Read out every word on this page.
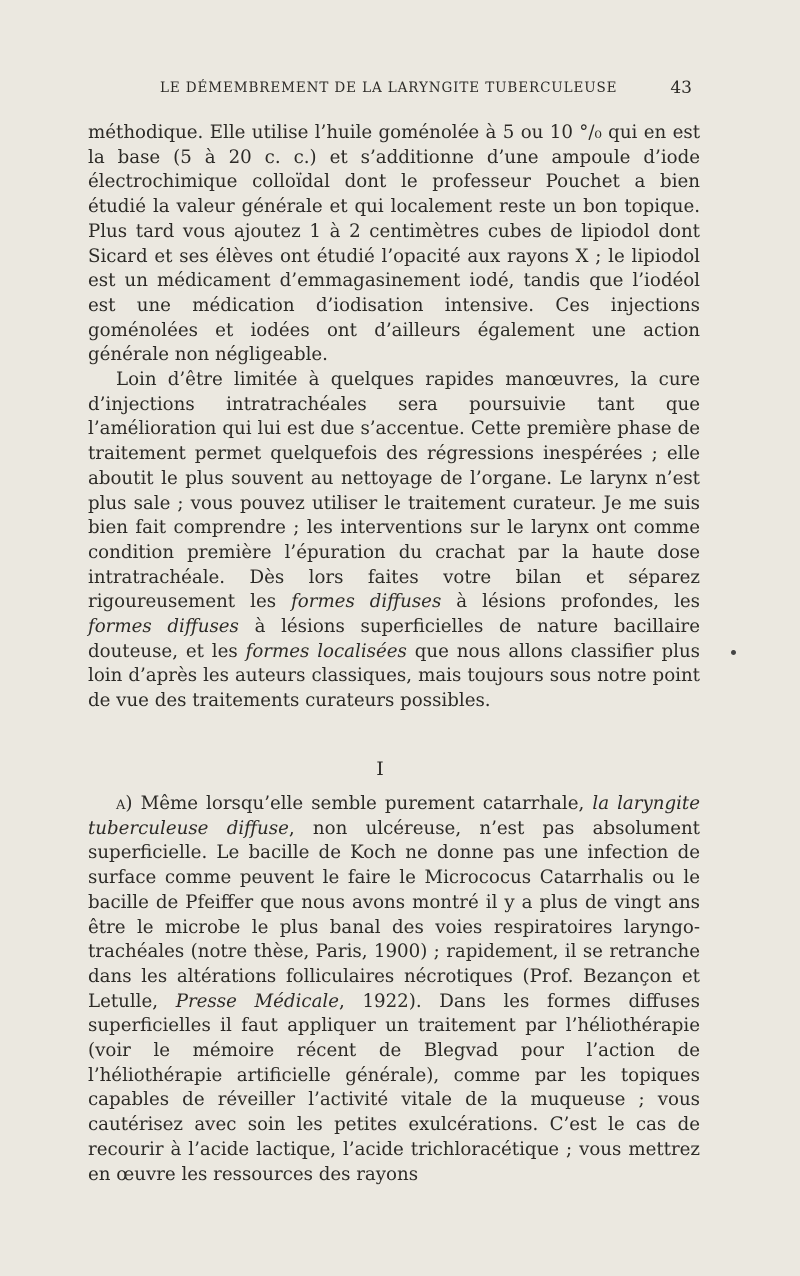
LE DÉMEMBREMENT DE LA LARYNGITE TUBERCULEUSE	43

méthodique. Elle utilise l’huile goménolée à 5 ou 10 °/₀ qui en est la base (5 à 20 c. c.) et s’additionne d’une ampoule d’iode électrochimique colloïdal dont le professeur Pouchet a bien étudié la valeur générale et qui localement reste un bon topique. Plus tard vous ajoutez 1 à 2 centimètres cubes de lipiodol dont Sicard et ses élèves ont étudié l’opacité aux rayons X ; le lipiodol est un médicament d’emmagasinement iodé, tandis que l’iodéol est une médication d’iodisation intensive. Ces injections goménolées et iodées ont d’ailleurs également une action générale non négligeable.

Loin d’être limitée à quelques rapides manœuvres, la cure d’injections intratrachéales sera poursuivie tant que l’amélioration qui lui est due s’accentue. Cette première phase de traitement permet quelquefois des régressions inespérées ; elle aboutit le plus souvent au nettoyage de l’organe. Le larynx n’est plus sale ; vous pouvez utiliser le traitement curateur. Je me suis bien fait comprendre ; les interventions sur le larynx ont comme condition première l’épuration du crachat par la haute dose intratrachéale. Dès lors faites votre bilan et séparez rigoureusement les formes diffuses à lésions profondes, les formes diffuses à lésions superficielles de nature bacillaire douteuse, et les formes localisées que nous allons classifier plus loin d’après les auteurs classiques, mais toujours sous notre point de vue des traitements curateurs possibles.

I

a) Même lorsqu’elle semble purement catarrhale, la laryngite tuberculeuse diffuse, non ulcéreuse, n’est pas absolument superficielle. Le bacille de Koch ne donne pas une infection de surface comme peuvent le faire le Micrococus Catarrhalis ou le bacille de Pfeiffer que nous avons montré il y a plus de vingt ans être le microbe le plus banal des voies respiratoires laryngo-trachéales (notre thèse, Paris, 1900) ; rapidement, il se retranche dans les altérations folliculaires nécrotiques (Prof. Bezançon et Letulle, Presse Médicale, 1922). Dans les formes diffuses superficielles il faut appliquer un traitement par l’héliothérapie (voir le mémoire récent de Blegvad pour l’action de l’héliothérapie artificielle générale), comme par les topiques capables de réveiller l’activité vitale de la muqueuse ; vous cautérisez avec soin les petites exulcérations. C’est le cas de recourir à l’acide lactique, l’acide trichloracétique ; vous mettrez en œuvre les ressources des rayons
